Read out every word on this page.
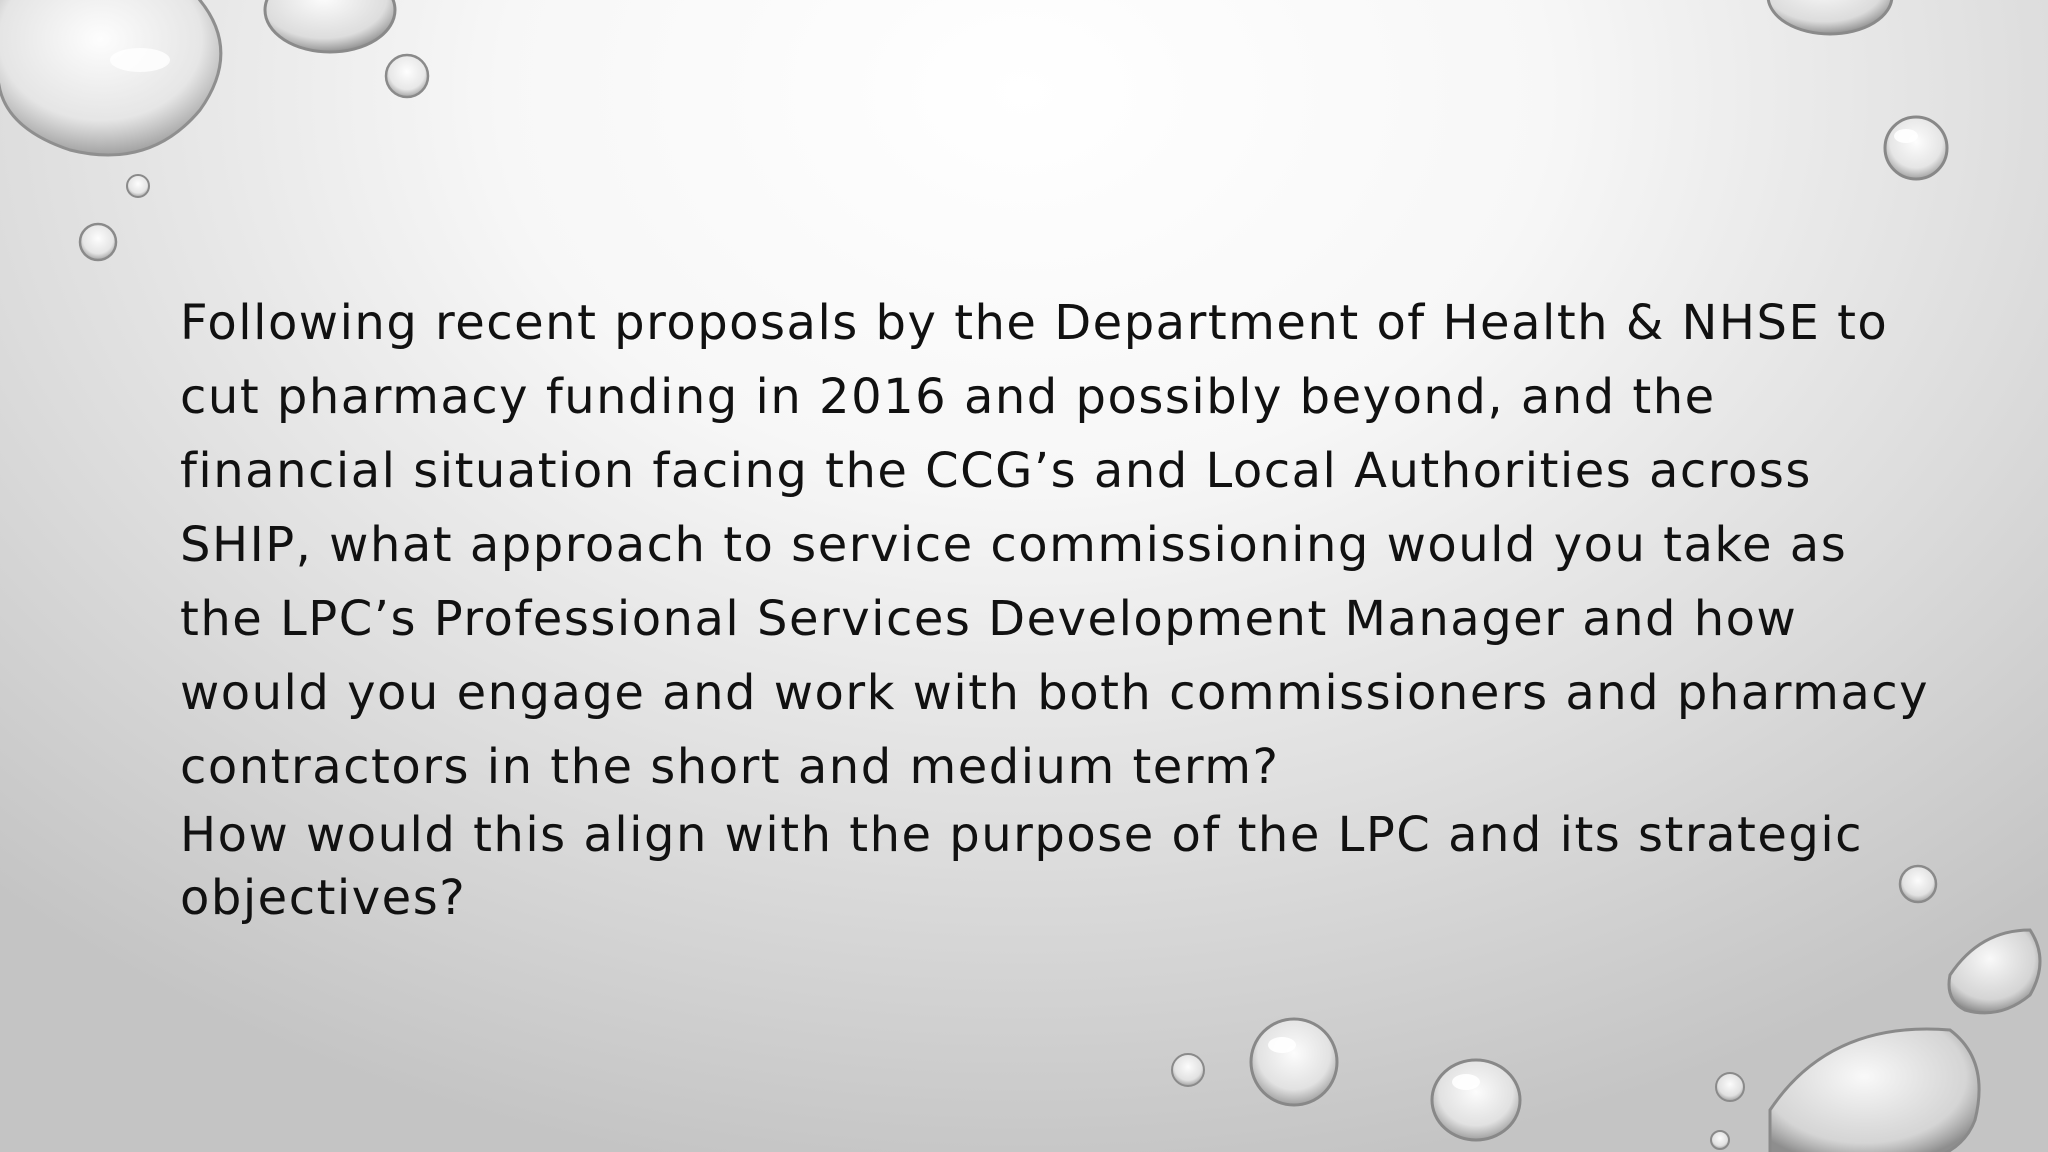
Following recent proposals by the Department of Health & NHSE to
cut pharmacy funding in 2016 and possibly beyond, and the
financial situation facing the CCG’s and Local Authorities across
SHIP, what approach to service commissioning would you take as
the LPC’s Professional Services Development Manager and how
would you engage and work with both commissioners and pharmacy
contractors in the short and medium term?

How would this align with the purpose of the LPC and its strategic
objectives?
